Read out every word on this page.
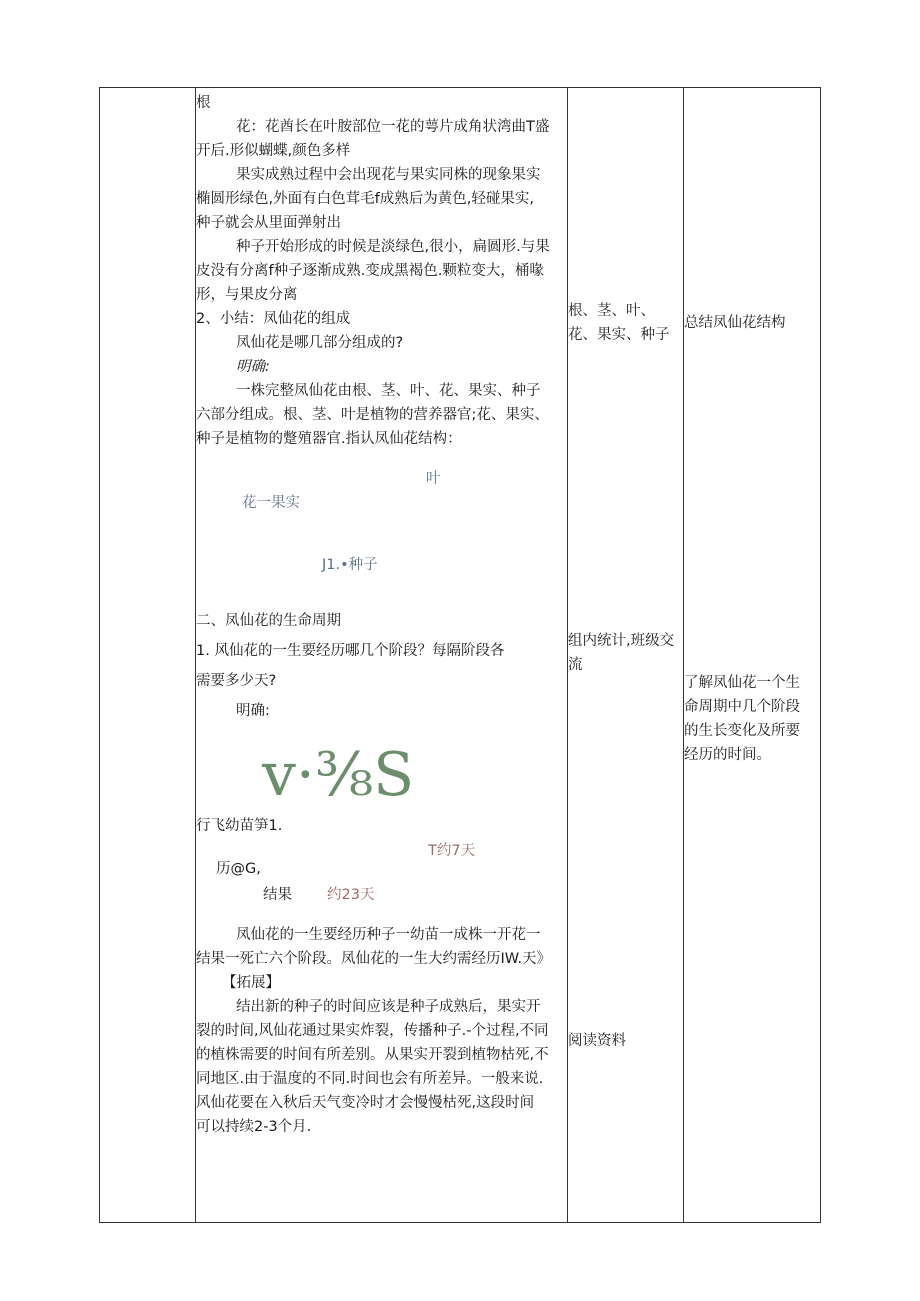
根
花：花酋长在叶胺部位一花的萼片成角状湾曲T盛
开后.形似蝴蝶,颜色多样
果实成熟过程中会出现花与果实同株的现象果实
椭圆形绿色,外面有白色茸毛f成熟后为黄色,轻碰果实,
种子就会从里面弹射出
种子开始形成的时候是淡绿色,很小，扁圆形.与果
皮没有分离f种子逐渐成熟.变成黑褐色.颗粒变大，桶喙
形，与果皮分离
2、小结：凤仙花的组成
凤仙花是哪几部分组成的?
明确:
一株完整凤仙花由根、茎、叶、花、果实、种子
六部分组成。根、茎、叶是植物的营养器官;花、果实、
种子是植物的蹩殖器官.指认凤仙花结构：
叶
花一果实
J1.•种子
二、凤仙花的生命周期
1. 风仙花的一生要经历哪几个阶段？每隔阶段各
需要多少天?
明确:
v·⅜S
行飞幼苗笋1.
T约7天
历@G,
结果 约23天
凤仙花的一生要经历种子一幼苗一成株一开花一
结果一死亡六个阶段。凤仙花的一生大约需经历IW.天》
【拓展】
结出新的种子的时间应该是种子成熟后，果实开
裂的时间,风仙花通过果实炸裂，传播种子.-个过程,不同
的植株需要的时间有所差别。从果实开裂到植物枯死,不
同地区.由于温度的不同.时间也会有所差异。一般来说.
风仙花要在入秋后天气变冷时才会慢慢枯死,这段时间
可以持续2-3个月.
根、茎、叶、
花、果实、种子
组内统计,班级交
流
阅读资料
总结凤仙花结构
了解凤仙花一个生
命周期中几个阶段
的生长变化及所要
经历的时间。
